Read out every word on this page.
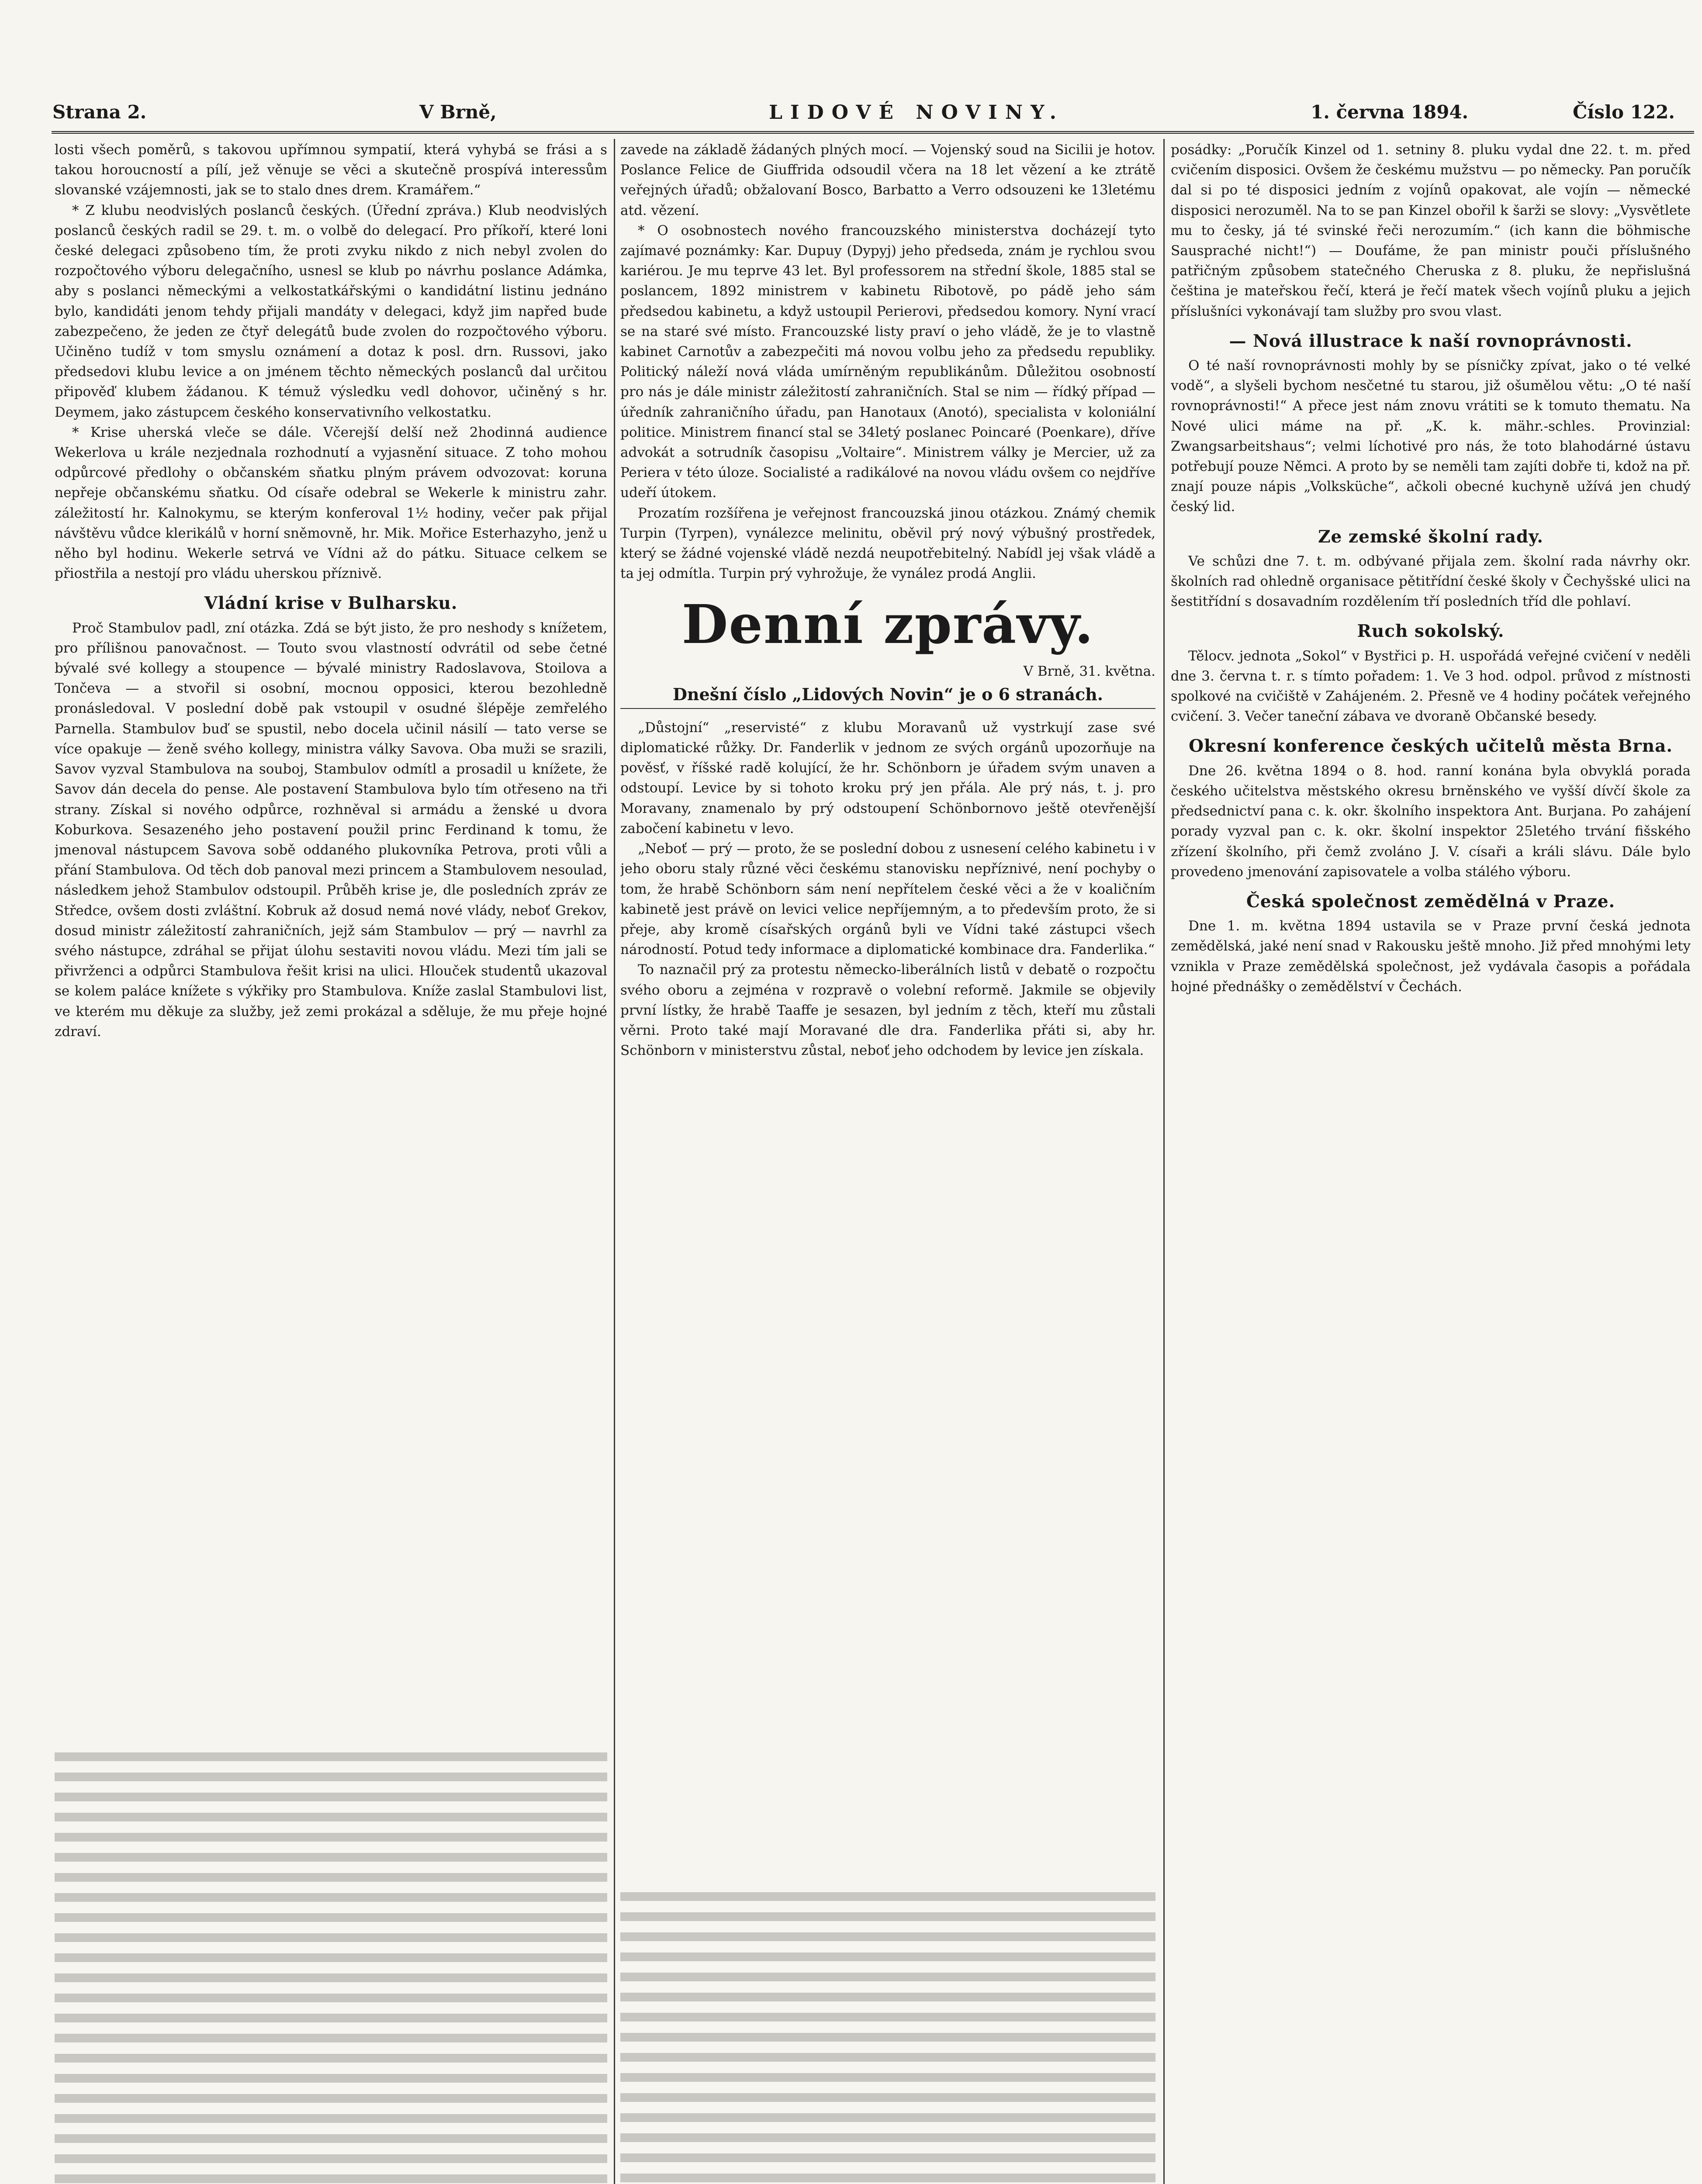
Strana 2.	V Brně,	LIDOVÉ NOVINY.	1. června 1894.	Číslo 122.

losti všech poměrů, s takovou upřímnou sympatií, která vyhybá se frási a s takou horoucností a pílí, jež věnuje se věci a skutečně prospívá interessům slovanské vzájemnosti, jak se to stalo dnes drem. Kramářem.“

* Z klubu neodvislých poslanců českých. (Úřední zpráva.) Klub neodvislých poslanců českých radil se 29. t. m. o volbě do delegací. Pro příkoří, které loni české delegaci způsobeno tím, že proti zvyku nikdo z nich nebyl zvolen do rozpočtového výboru delegačního, usnesl se klub po návrhu poslance Adámka, aby s poslanci německými a velkostatkářskými o kandidátní listinu jednáno bylo, kandidáti jenom tehdy přijali mandáty v delegaci, když jim napřed bude zabezpečeno, že jeden ze čtyř delegátů bude zvolen do rozpočtového výboru. Učiněno tudíž v tom smyslu oznámení a dotaz k posl. drn. Russovi, jako předsedovi klubu levice a on jménem těchto německých poslanců dal určitou připověď klubem žádanou. K témuž výsledku vedl dohovor, učiněný s hr. Deymem, jako zástupcem českého konservativního velkostatku.

* Krise uherská vleče se dále. Včerejší delší než 2hodinná audience Wekerlova u krále nezjednala rozhodnutí a vyjasnění situace. Z toho mohou odpůrcové předlohy o občanském sňatku plným právem odvozovat: koruna nepřeje občanskému sňatku. Od císaře odebral se Wekerle k ministru zahr. záležitostí hr. Kalnokymu, se kterým konferoval 1½ hodiny, večer pak přijal návštěvu vůdce klerikálů v horní sněmovně, hr. Mik. Mořice Esterhazyho, jenž u něho byl hodinu. Wekerle setrvá ve Vídni až do pátku. Situace celkem se přiostřila a nestojí pro vládu uherskou příznivě.

Vládní krise v Bulharsku.

Proč Stambulov padl, zní otázka. Zdá se být jisto, že pro neshody s knížetem, pro přílišnou panovačnost. — Touto svou vlastností odvrátil od sebe četné bývalé své kollegy a stoupence — bývalé ministry Radoslavova, Stoilova a Tončeva — a stvořil si osobní, mocnou opposici, kterou bezohledně pronásledoval. V poslední době pak vstoupil v osudné šlépěje zemřelého Parnella. Stambulov buď se spustil, nebo docela učinil násilí — tato verse se více opakuje — ženě svého kollegy, ministra války Savova. Oba muži se srazili, Savov vyzval Stambulova na souboj, Stambulov odmítl a prosadil u knížete, že Savov dán decela do pense. Ale postavení Stambulova bylo tím otřeseno na tři strany. Získal si nového odpůrce, rozhněval si armádu a ženské u dvora Koburkova. Sesazeného jeho postavení použil princ Ferdinand k tomu, že jmenoval nástupcem Savova sobě oddaného plukovníka Petrova, proti vůli a přání Stambulova. Od těch dob panoval mezi princem a Stambulovem nesoulad, následkem jehož Stambulov odstoupil. Průběh krise je, dle posledních zpráv ze Středce, ovšem dosti zvláštní. Kobruk až dosud nemá nové vlády, neboť Grekov, dosud ministr záležitostí zahraničních, jejž sám Stambulov — prý — navrhl za svého nástupce, zdráhal se přijat úlohu sestaviti novou vládu. Mezi tím jali se přivrženci a odpůrci Stambulova řešit krisi na ulici. Hlouček studentů ukazoval se kolem paláce knížete s výkřiky pro Stambulova. Kníže zaslal Stambulovi list, ve kterém mu děkuje za služby, jež zemi prokázal a sděluje, že mu přeje hojné zdraví.

zavede na základě žádaných plných mocí. — Vojenský soud na Sicilii je hotov. Poslance Felice de Giuffrida odsoudil včera na 18 let vězení a ke ztrátě veřejných úřadů; obžalovaní Bosco, Barbatto a Verro odsouzeni ke 13letému atd. vězení.

* O osobnostech nového francouzského ministerstva docházejí tyto zajímavé poznámky: Kar. Dupuy (Dypyj) jeho předseda, znám je rychlou svou kariérou. Je mu teprve 43 let. Byl professorem na střední škole, 1885 stal se poslancem, 1892 ministrem v kabinetu Ribotově, po pádě jeho sám předsedou kabinetu, a když ustoupil Perierovi, předsedou komory. Nyní vrací se na staré své místo. Francouzské listy praví o jeho vládě, že je to vlastně kabinet Carnotův a zabezpečiti má novou volbu jeho za předsedu republiky. Politický náleží nová vláda umírněným republikánům. Důležitou osobností pro nás je dále ministr záležitostí zahraničních. Stal se nim — řídký případ — úředník zahraničního úřadu, pan Hanotaux (Anotó), specialista v koloniální politice. Ministrem financí stal se 34letý poslanec Poincaré (Poenkare), dříve advokát a sotrudník časopisu „Voltaire“. Ministrem války je Mercier, už za Periera v této úloze. Socialisté a radikálové na novou vládu ovšem co nejdříve udeří útokem.

Prozatím rozšířena je veřejnost francouzská jinou otázkou. Známý chemik Turpin (Tyrpen), vynálezce melinitu, oběvil prý nový výbušný prostředek, který se žádné vojenské vládě nezdá neupotřebitelný. Nabídl jej však vládě a ta jej odmítla. Turpin prý vyhrožuje, že vynález prodá Anglii.

Denní zprávy.

V Brně, 31. května.

Dnešní číslo „Lidových Novin“ je o 6 stranách.

„Důstojní“ „reservisté“ z klubu Moravanů už vystrkují zase své diplomatické růžky. Dr. Fanderlik v jednom ze svých orgánů upozorňuje na pověsť, v říšské radě kolující, že hr. Schönborn je úřadem svým unaven a odstoupí. Levice by si tohoto kroku prý jen přála. Ale prý nás, t. j. pro Moravany, znamenalo by prý odstoupení Schönbornovo ještě otevřenější zabočení kabinetu v levo.

„Neboť — prý — proto, že se poslední dobou z usnesení celého kabinetu i v jeho oboru staly různé věci českému stanovisku nepříznivé, není pochyby o tom, že hrabě Schönborn sám není nepřítelem české věci a že v koaličním kabinetě jest právě on levici velice nepříjemným, a to především proto, že si přeje, aby kromě císařských orgánů byli ve Vídni také zástupci všech národností. Potud tedy informace a diplomatické kombinace dra. Fanderlika.“

To naznačil prý za protestu německo-liberálních listů v debatě o rozpočtu svého oboru a zejména v rozpravě o volební reformě. Jakmile se objevily první lístky, že hrabě Taaffe je sesazen, byl jedním z těch, kteří mu zůstali věrni. Proto také mají Moravané dle dra. Fanderlika přáti si, aby hr. Schönborn v ministerstvu zůstal, neboť jeho odchodem by levice jen získala.

posádky: „Poručík Kinzel od 1. setniny 8. pluku vydal dne 22. t. m. před cvičením disposici. Ovšem že českému mužstvu — po německy. Pan poručík dal si po té disposici jedním z vojínů opakovat, ale vojín — německé disposici nerozuměl. Na to se pan Kinzel obořil k šarži se slovy: „Vysvětlete mu to česky, já té svinské řeči nerozumím.“ (ich kann die böhmische Sauspraché nicht!“) — Doufáme, že pan ministr pouči příslušného patřičným způsobem statečného Cheruska z 8. pluku, že nepřislušná čeština je mateřskou řečí, která je řečí matek všech vojínů pluku a jejich příslušníci vykonávají tam služby pro svou vlast.

— Nová illustrace k naší rovnoprávnosti.

O té naší rovnoprávnosti mohly by se písničky zpívat, jako o té velké vodě“, a slyšeli bychom nesčetné tu starou, již ošumělou větu: „O té naší rovnoprávnosti!“ A přece jest nám znovu vrátiti se k tomuto thematu. Na Nové ulici máme na př. „K. k. mähr.-schles. Provinzial: Zwangsarbeitshaus“; velmi líchotivé pro nás, že toto blahodárné ústavu potřebují pouze Němci. A proto by se neměli tam zajíti dobře ti, kdož na př. znají pouze nápis „Volksküche“, ačkoli obecné kuchyně užívá jen chudý český lid.

Ze zemské školní rady.

Ve schůzi dne 7. t. m. odbývané přijala zem. školní rada návrhy okr. školních rad ohledně organisace pětitřídní české školy v Čechyšské ulici na šestitřídní s dosavadním rozdělením tří posledních tříd dle pohlaví.

Ruch sokolský.

Tělocv. jednota „Sokol“ v Bystřici p. H. uspořádá veřejné cvičení v neděli dne 3. června t. r. s tímto pořadem: 1. Ve 3 hod. odpol. průvod z místnosti spolkové na cvičiště v Zahájeném. 2. Přesně ve 4 hodiny počátek veřejného cvičení. 3. Večer taneční zábava ve dvoraně Občanské besedy.

Okresní konference českých učitelů města Brna.

Dne 26. května 1894 o 8. hod. ranní konána byla obvyklá porada českého učitelstva městského okresu brněnského ve vyšší dívčí škole za předsednictví pana c. k. okr. školního inspektora Ant. Burjana. Po zahájení porady vyzval pan c. k. okr. školní inspektor 25letého trvání fišského zřízení školního, při čemž zvoláno J. V. císaři a králi slávu. Dále bylo provedeno jmenování zapisovatele a volba stálého výboru.

Česká společnost zemědělná v Praze.

Dne 1. m. května 1894 ustavila se v Praze první česká jednota zemědělská, jaké není snad v Rakousku ještě mnoho. Již před mnohými lety vznikla v Praze zemědělská společnost, jež vydávala časopis a pořádala hojné přednášky o zemědělství v Čechách.
